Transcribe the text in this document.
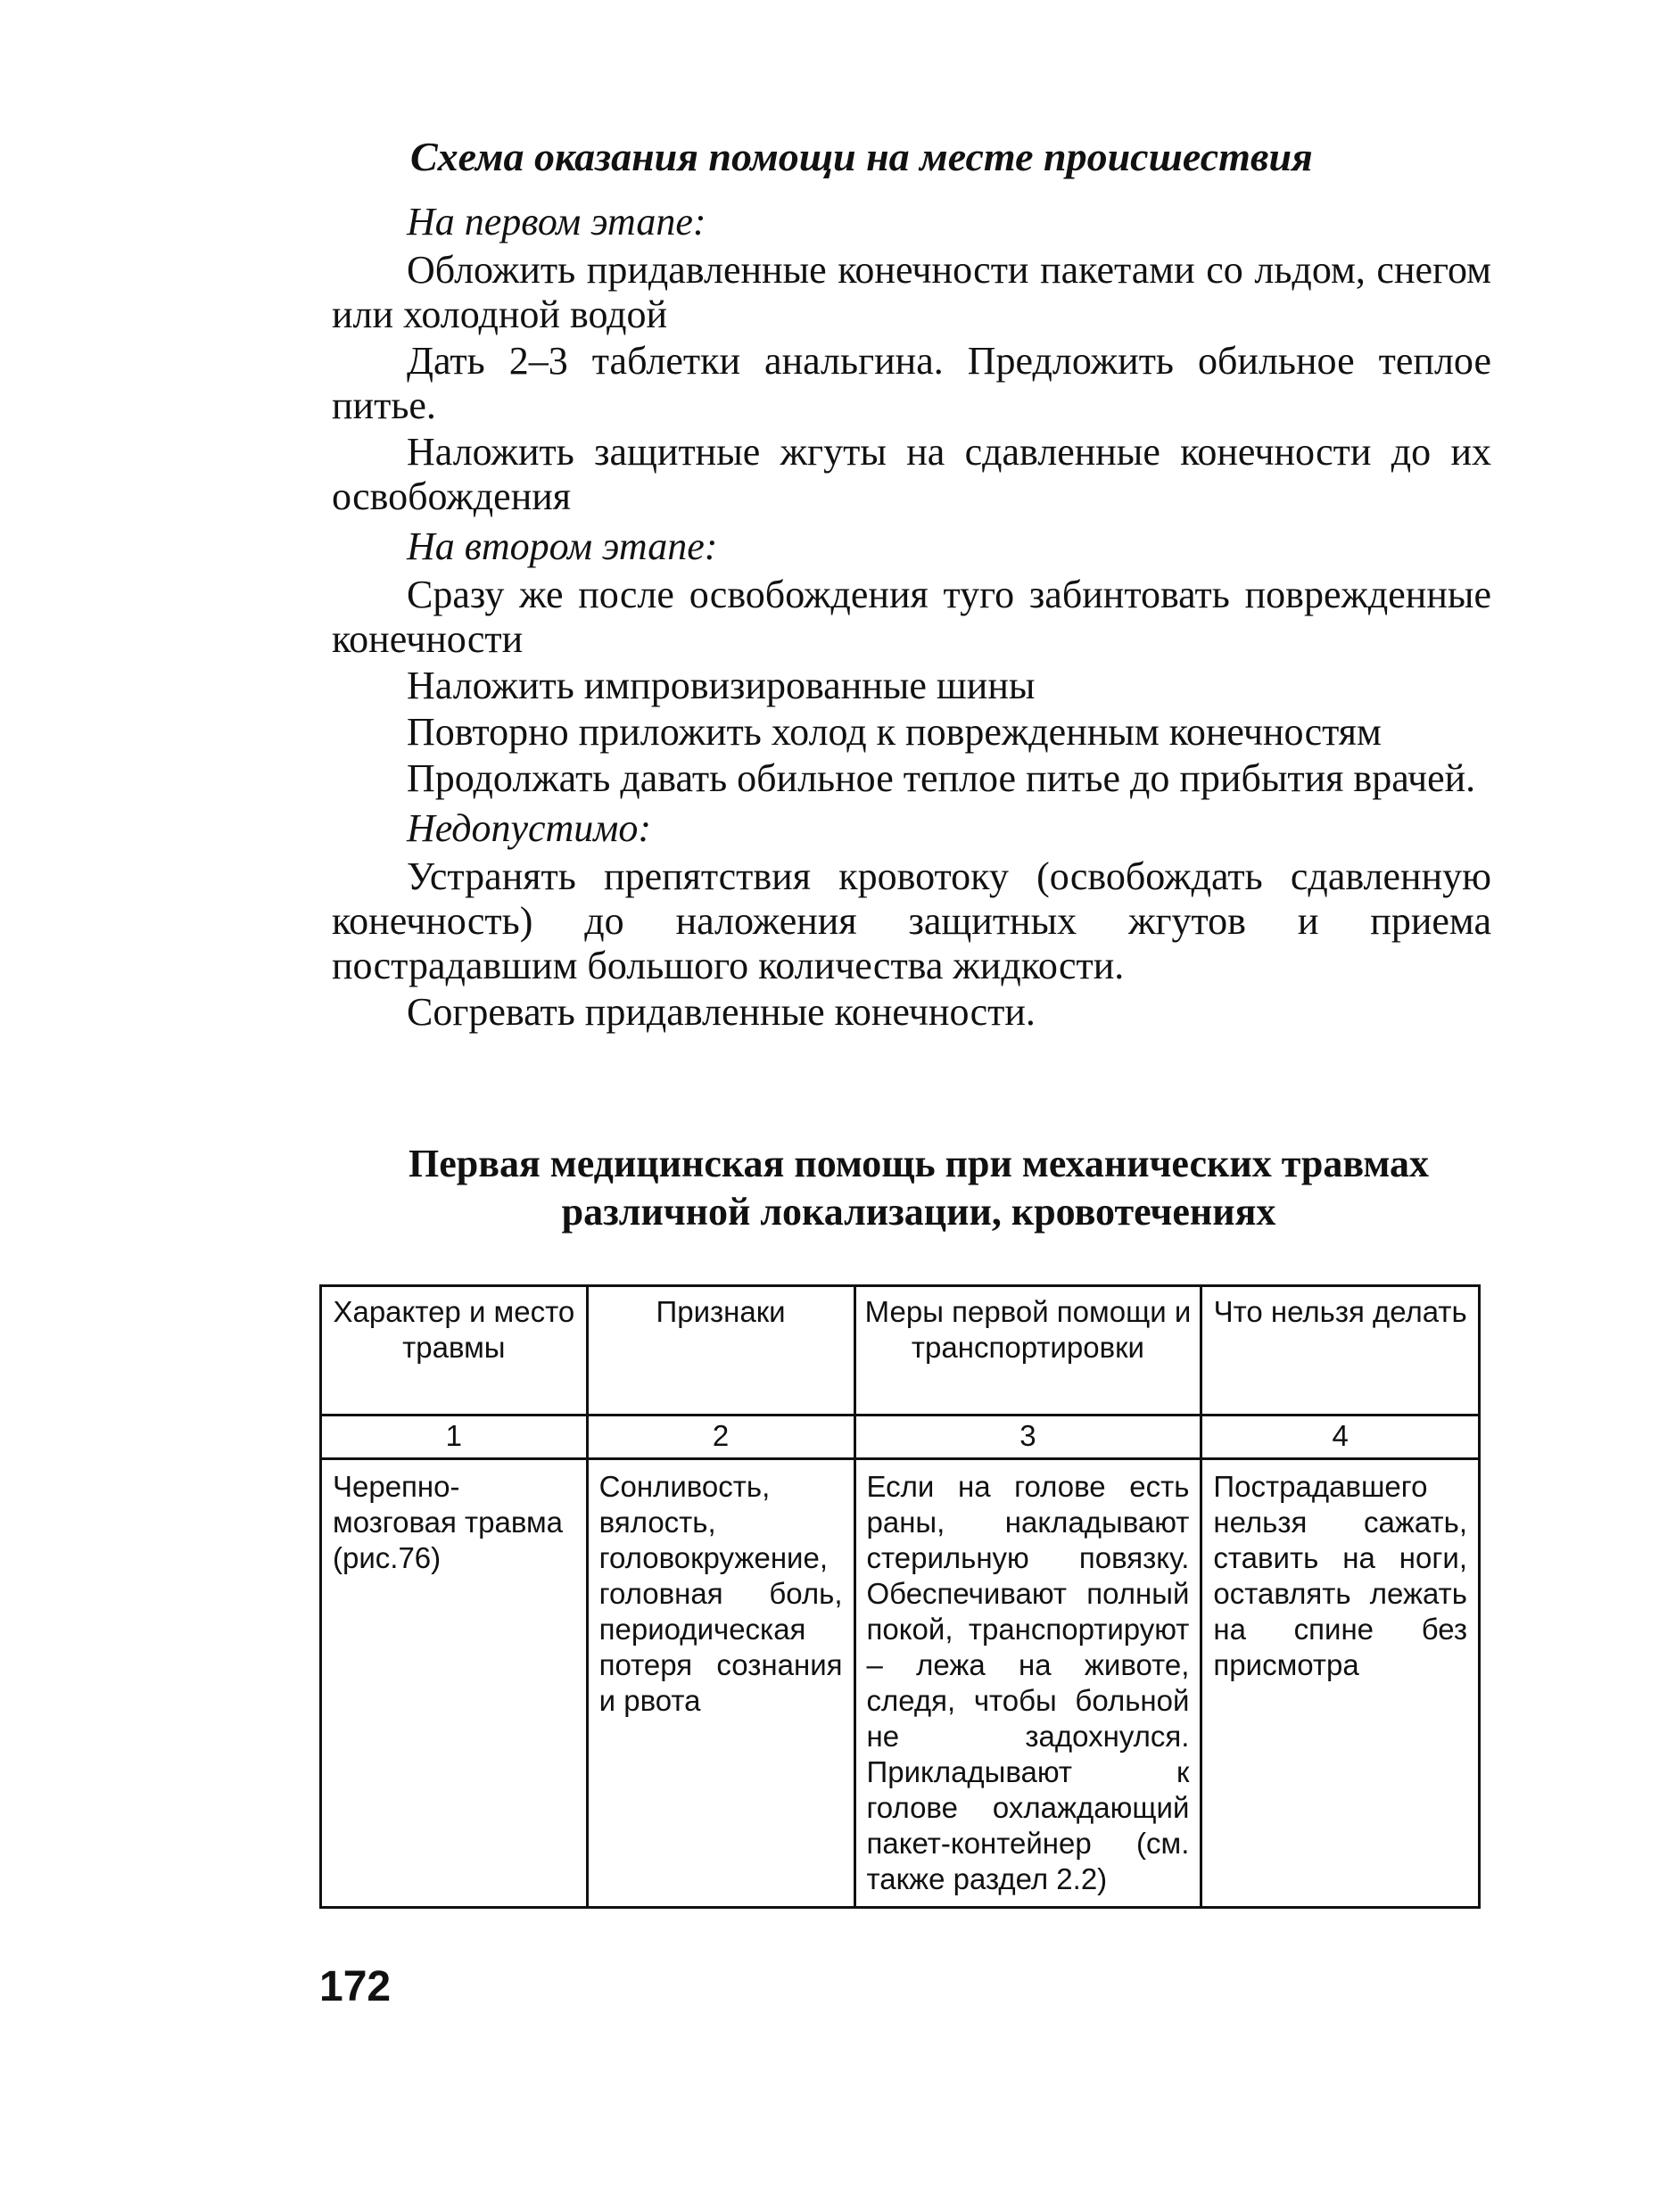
Схема оказания помощи на месте происшествия
На первом этапе:

Обложить придавленные конечности пакетами со льдом, снегом или холодной водой

Дать 2–3 таблетки анальгина. Предложить обильное теплое питье.

Наложить защитные жгуты на сдавленные конечности до их освобождения

На втором этапе:

Сразу же после освобождения туго забинтовать поврежденные конечности

Наложить импровизированные шины

Повторно приложить холод к поврежденным конечностям

Продолжать давать обильное теплое питье до прибытия врачей.

Недопустимо:

Устранять препятствия кровотоку (освобождать сдавленную конечность) до наложения защитных жгутов и приема пострадавшим большого количества жидкости.

Согревать придавленные конечности.

Первая медицинская помощь при механических травмах
различной локализации, кровотечениях
Характер и место травмы	Признаки	Меры первой помощи и транспортировки	Что нельзя делать
1	2	3	4
Черепно-мозговая травма (рис.76)	Сонливость, вялость, головокружение, головная боль, периодическая потеря сознания и рвота	Если на голове есть раны, накладывают стерильную повязку. Обеспечивают полный покой, транспортируют – лежа на животе, следя, чтобы больной не задохнулся. Прикладывают к голове охлаждающий пакет-контейнер (см. также раздел 2.2)	Пострадавшего нельзя сажать, ставить на ноги, оставлять лежать на спине без присмотра
172
